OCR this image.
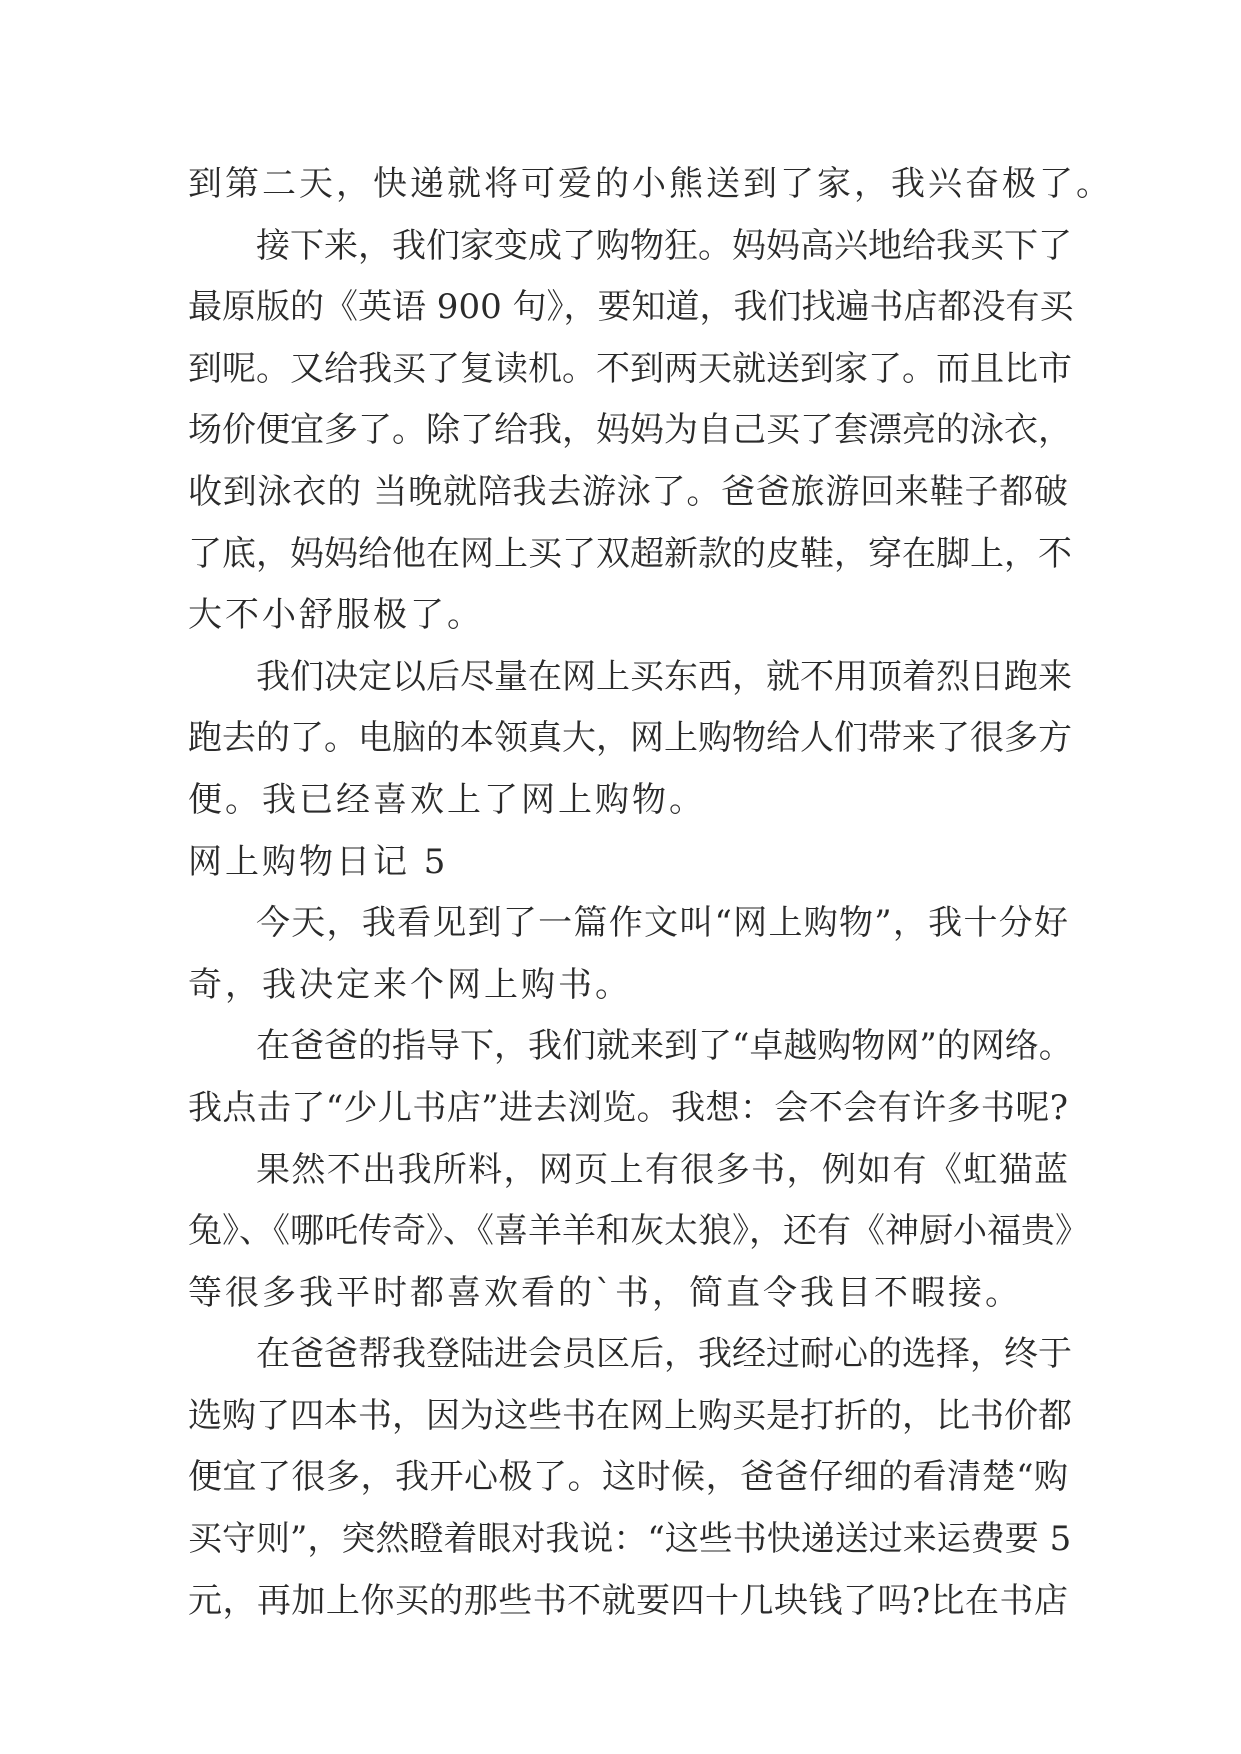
到第二天，快递就将可爱的小熊送到了家，我兴奋极了。
接下来，我们家变成了购物狂。妈妈高兴地给我买下了
最原版的《英语 900 句》，要知道，我们找遍书店都没有买
到呢。又给我买了复读机。不到两天就送到家了。而且比市
场价便宜多了。除了给我，妈妈为自己买了套漂亮的泳衣，
收到泳衣的 当晚就陪我去游泳了。爸爸旅游回来鞋子都破
了底，妈妈给他在网上买了双超新款的皮鞋，穿在脚上，不
大不小舒服极了。
我们决定以后尽量在网上买东西，就不用顶着烈日跑来
跑去的了。电脑的本领真大，网上购物给人们带来了很多方
便。我已经喜欢上了网上购物。
网上购物日记 5
今天，我看见到了一篇作文叫“网上购物”，我十分好
奇，我决定来个网上购书。
在爸爸的指导下，我们就来到了“卓越购物网”的网络。
我点击了“少儿书店”进去浏览。我想：会不会有许多书呢?
果然不出我所料，网页上有很多书，例如有《虹猫蓝
兔》、《哪吒传奇》、《喜羊羊和灰太狼》，还有《神厨小福贵》
等很多我平时都喜欢看的`书，简直令我目不暇接。
在爸爸帮我登陆进会员区后，我经过耐心的选择，终于
选购了四本书，因为这些书在网上购买是打折的，比书价都
便宜了很多，我开心极了。这时候，爸爸仔细的看清楚“购
买守则”，突然瞪着眼对我说：“这些书快递送过来运费要 5
元，再加上你买的那些书不就要四十几块钱了吗?比在书店
